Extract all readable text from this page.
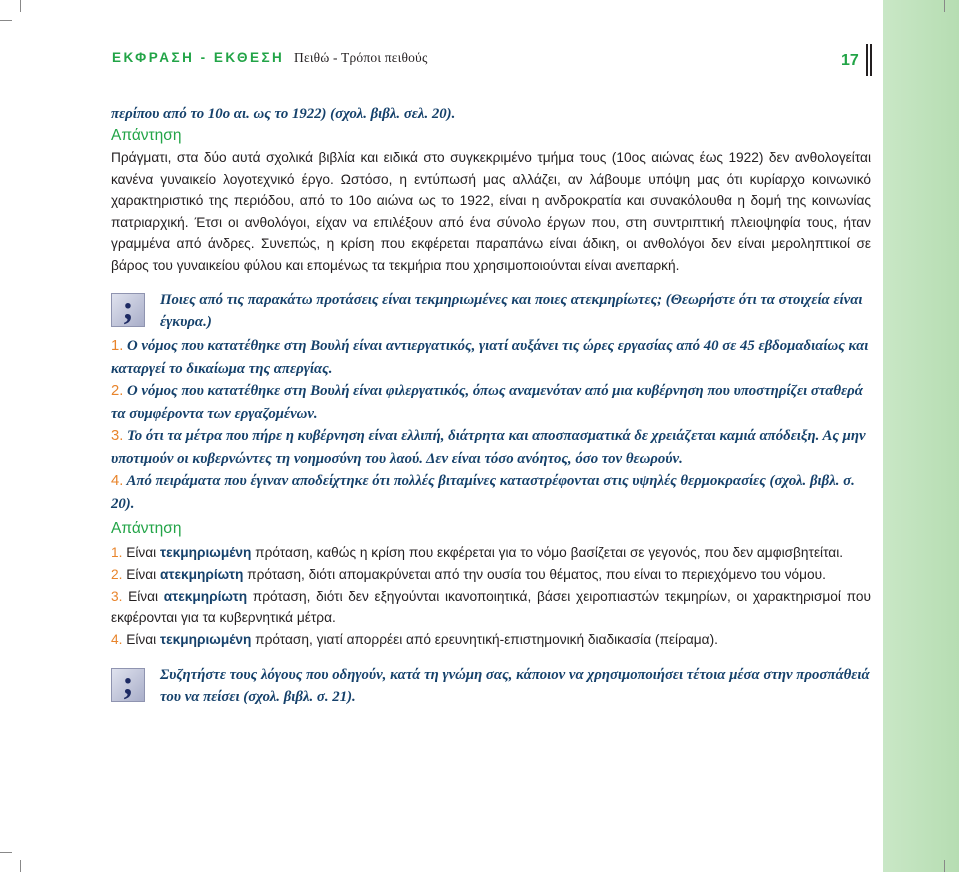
ΕΚΦΡΑΣΗ - ΕΚΘΕΣΗ Πειθώ - Τρόποι πειθούς	17
περίπου από το 10ο αι. ως το 1922) (σχολ. βιβλ. σελ. 20).
Απάντηση

Πράγματι, στα δύο αυτά σχολικά βιβλία και ειδικά στο συγκεκριμένο τμήμα τους (10ος αιώνας έως 1922) δεν ανθολογείται κανένα γυναικείο λογοτεχνικό έργο. Ωστόσο, η εντύπωσή μας αλλάζει, αν λάβουμε υπόψη μας ότι κυρίαρχο κοινωνικό χαρακτηριστικό της περιόδου, από το 10ο αιώνα ως το 1922, είναι η ανδροκρατία και συνακόλουθα η δομή της κοινωνίας πατριαρχική. Έτσι οι ανθολόγοι, είχαν να επιλέξουν από ένα σύνολο έργων που, στη συντριπτική πλειοψηφία τους, ήταν γραμμένα από άνδρες. Συνεπώς, η κρίση που εκφέρεται παραπάνω είναι άδικη, οι ανθολόγοι δεν είναι μεροληπτικοί σε βάρος του γυναικείου φύλου και επομένως τα τεκμήρια που χρησιμοποιούνται είναι ανεπαρκή.

;	Ποιες από τις παρακάτω προτάσεις είναι τεκμηριωμένες και ποιες ατεκμηρίωτες; (Θεωρήστε ότι τα στοιχεία είναι έγκυρα.)

1. Ο νόμος που κατατέθηκε στη Βουλή είναι αντιεργατικός, γιατί αυξάνει τις ώρες εργασίας από 40 σε 45 εβδομαδιαίως και καταργεί το δικαίωμα της απεργίας.

2. Ο νόμος που κατατέθηκε στη Βουλή είναι φιλεργατικός, όπως αναμενόταν από μια κυβέρνηση που υποστηρίζει σταθερά τα συμφέροντα των εργαζομένων.

3. Το ότι τα μέτρα που πήρε η κυβέρνηση είναι ελλιπή, διάτρητα και αποσπασματικά δε χρειάζεται καμιά απόδειξη. Ας μην υποτιμούν οι κυβερνώντες τη νοημοσύνη του λαού. Δεν είναι τόσο ανόητος, όσο τον θεωρούν.

4. Από πειράματα που έγιναν αποδείχτηκε ότι πολλές βιταμίνες καταστρέφονται στις υψηλές θερμοκρασίες (σχολ. βιβλ. σ. 20).

Απάντηση

1. Είναι τεκμηριωμένη πρόταση, καθώς η κρίση που εκφέρεται για το νόμο βασίζεται σε γεγονός, που δεν αμφισβητείται.

2. Είναι ατεκμηρίωτη πρόταση, διότι απομακρύνεται από την ουσία του θέματος, που είναι το περιεχόμενο του νόμου.

3. Είναι ατεκμηρίωτη πρόταση, διότι δεν εξηγούνται ικανοποιητικά, βάσει χειροπιαστών τεκμηρίων, οι χαρακτηρισμοί που εκφέρονται για τα κυβερνητικά μέτρα.

4. Είναι τεκμηριωμένη πρόταση, γιατί απορρέει από ερευνητική-επιστημονική διαδικασία (πείραμα).

;	Συζητήστε τους λόγους που οδηγούν, κατά τη γνώμη σας, κάποιον να χρησιμοποιήσει τέτοια μέσα στην προσπάθειά του να πείσει (σχολ. βιβλ. σ. 21).
